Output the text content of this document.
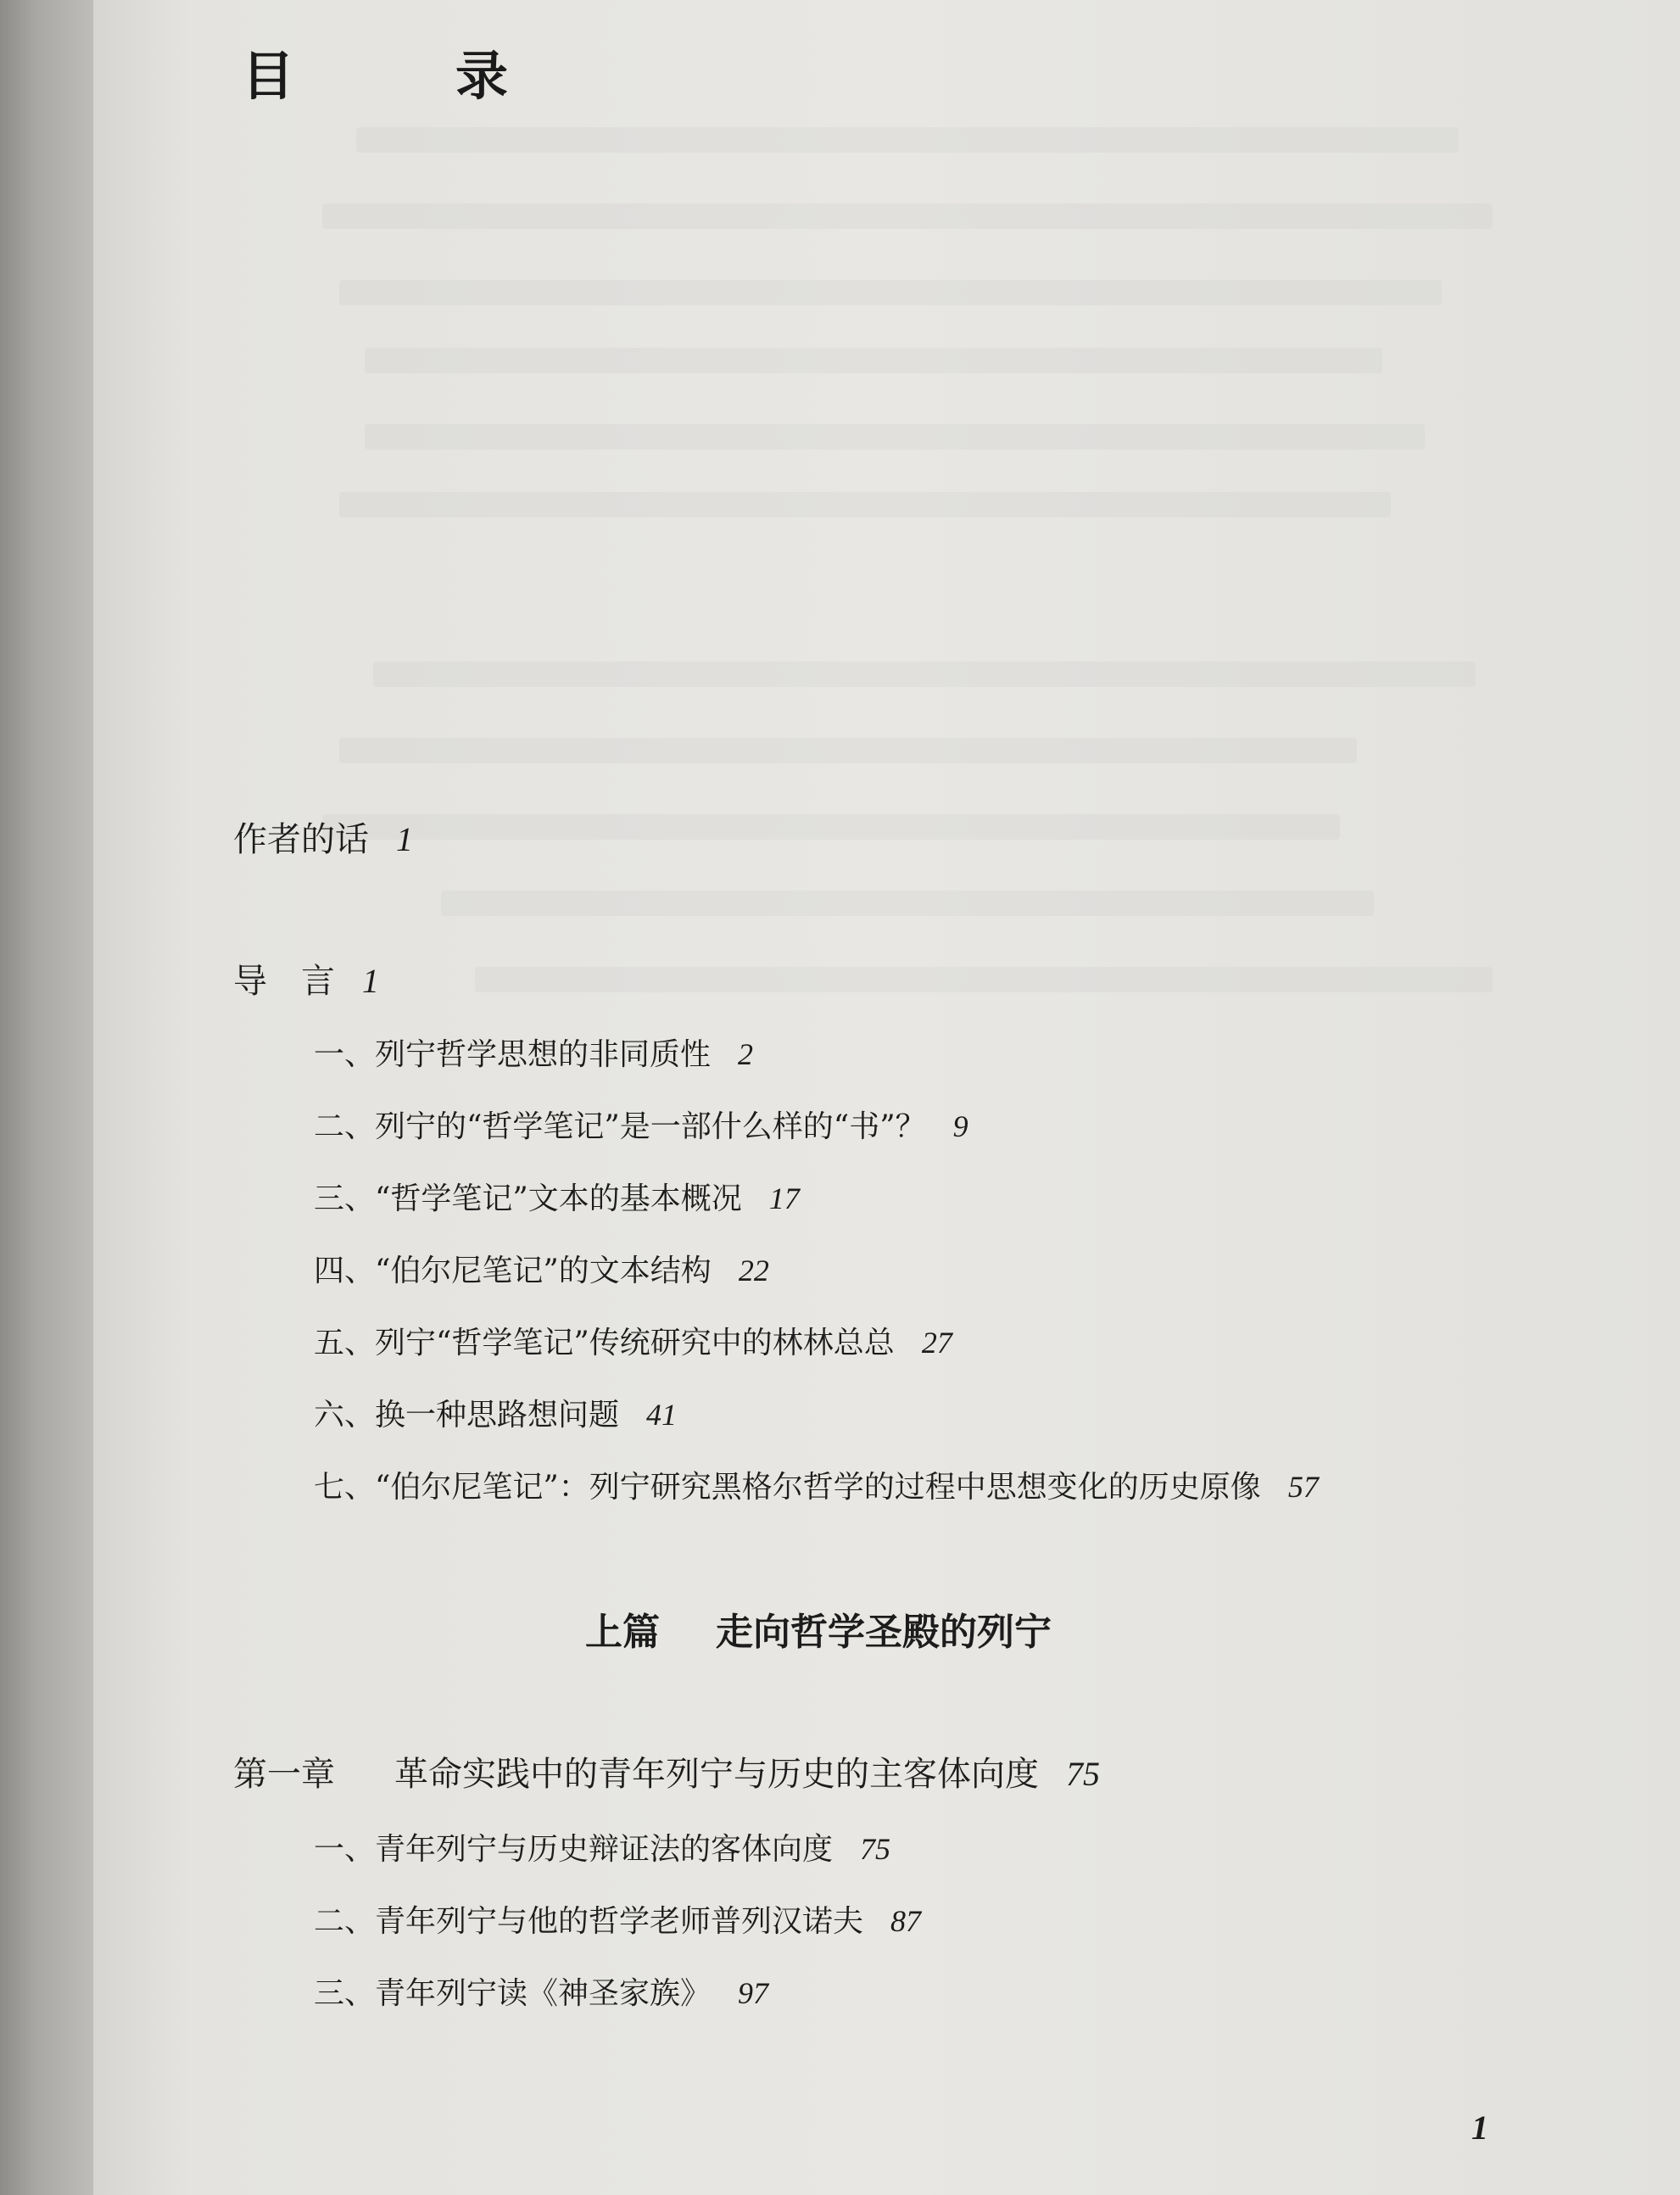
目　录
作者的话 1
导　言 1
一、列宁哲学思想的非同质性 2
二、列宁的“哲学笔记”是一部什么样的“书”？ 9
三、“哲学笔记”文本的基本概况 17
四、“伯尔尼笔记”的文本结构 22
五、列宁“哲学笔记”传统研究中的林林总总 27
六、换一种思路想问题 41
七、“伯尔尼笔记”：列宁研究黑格尔哲学的过程中思想变化的历史原像 57
上篇 走向哲学圣殿的列宁
第一章 革命实践中的青年列宁与历史的主客体向度 75
一、青年列宁与历史辩证法的客体向度 75
二、青年列宁与他的哲学老师普列汉诺夫 87
三、青年列宁读《神圣家族》 97
1
